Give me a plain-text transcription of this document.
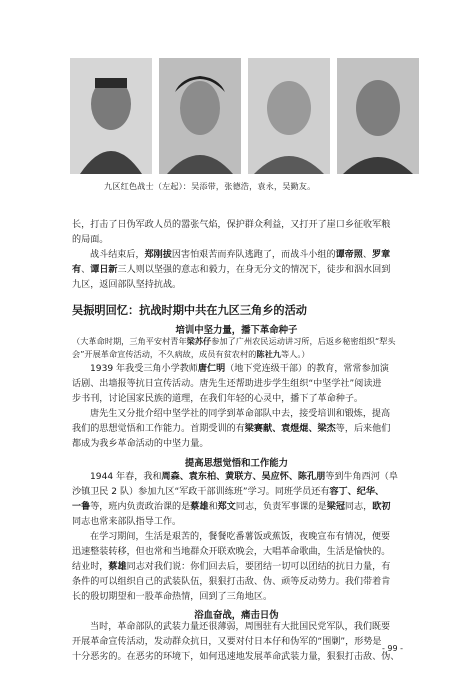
九区红色战士（左起）：吴添带，张德浩，袁永，吴勤友。

长，打击了日伪军政人员的嚣张气焰，保护群众利益，又打开了崖口乡征收军粮

的局面。

战斗结束后，郑刚拔因害怕艰苦而弃队逃跑了，而战斗小组的谭帝照、罗章

有、谭日新三人则以坚强的意志和毅力，在身无分文的情况下，徒步和泅水回到

九区，返回部队坚持抗战。

吴振明回忆：抗战时期中共在九区三角乡的活动
培训中坚力量，播下革命种子

（大革命时期，三角平安村青年梁苏仔参加了广州农民运动讲习所，后返乡秘密组织“犁头

会”开展革命宣传活动，不久病故，成员有贫农村的陈社九等人。）

1939 年我受三角小学教师唐仁明（地下党连级干部）的教育，常常参加演

话剧、出墙报等抗日宣传活动。唐先生还帮助进步学生组织“中坚学社”阅读进

步书刊，讨论国家民族的道理，在我们年轻的心灵中，播下了革命种子。

唐先生又分批介绍中坚学社的同学到革命部队中去，接受培训和锻炼，提高

我们的思想觉悟和工作能力。首期受训的有梁赛献、袁煜焜、梁杰等，后来他们

都成为我乡革命活动的中坚力量。

提高思想觉悟和工作能力

1944 年春，我和周森、袁东柏、黄联方、吴应怀、陈孔朋等到牛角西河（阜

沙镇卫民 2 队）参加九区“军政干部训练班”学习。同班学员还有容丁、纪华、

一鲁等，班内负责政治课的是蔡雄和郑文同志，负责军事课的是梁冠同志，欧初

同志也常来部队指导工作。

在学习期间，生活是艰苦的，餐餐吃番薯饭或蕉饭，夜晚宣布有情况，便要

迅速整装转移，但也常和当地群众开联欢晚会，大唱革命歌曲，生活是愉快的。

结业时，蔡雄同志对我们说：你们回去后，要团结一切可以团结的抗日力量，有

条件的可以组织自己的武装队伍，狠狠打击敌、伪、顽等反动势力。我们带着肯

长的殷切期望和一股革命热情，回到了三角地区。

浴血奋战，痛击日伪

当时，革命部队的武装力量还很薄弱，周围驻有大批国民党军队，我们既要

开展革命宣传活动，发动群众抗日，又要对付日本仔和伪军的“围剿”，形势是

十分恶劣的。在恶劣的环境下，如何迅速地发展革命武装力量，狠狠打击敌、伪、

- 99 -
